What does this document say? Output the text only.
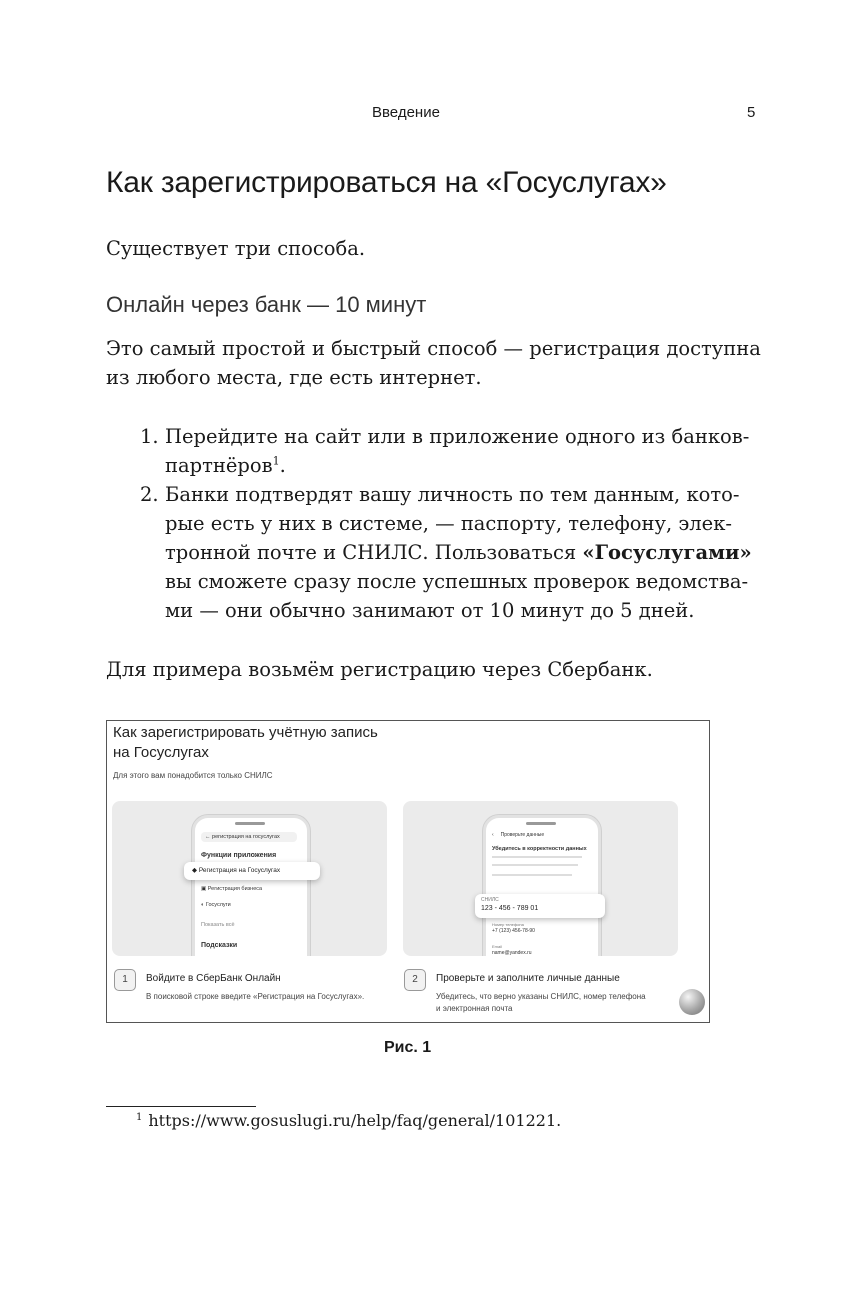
Введение	5
Как зарегистрироваться на «Госуслугах»

Существует три способа.

Онлайн через банк — 10 минут

Это самый простой и быстрый способ — регистрация доступна

из любого места, где есть интернет.

1. Перейдите на сайт или в приложение одного из банков-
партнёров$^1$.
2. Банки подтвердят вашу личность по тем данным, кото-
рые есть у них в системе, — паспорту, телефону, элек-
тронной почте и СНИЛС. Пользоваться «Госуслугами»
вы сможете сразу после успешных проверок ведомства-
ми — они обычно занимают от 10 минут до 5 дней.

Для примера возьмём регистрацию через Сбербанк.

Как зарегистрировать учётную запись
на Госуслугах

Для этого вам понадобится только СНИЛС

← регистрация на госуслугах
Функции приложения
▣ Регистрация бизнеса
◐ Госуслуги
Показать всё
Подсказки
◆ Регистрация на Госуслугах
‹ Проверьте данные
Убедитесь в корректности данных
Номер телефона
+7 (123) 456-78-90
Email
name@yandex.ru
СНИЛС
123 - 456 - 789 01
1	Войдите в СберБанк Онлайн
В поисковой строке введите «Регистрация на Госуслугах».
2	Проверьте и заполните личные данные
Убедитесь, что верно указаны СНИЛС, номер телефона
и электронная почта

Рис. 1

$^1$ https://www.gosuslugi.ru/help/faq/general/101221.
